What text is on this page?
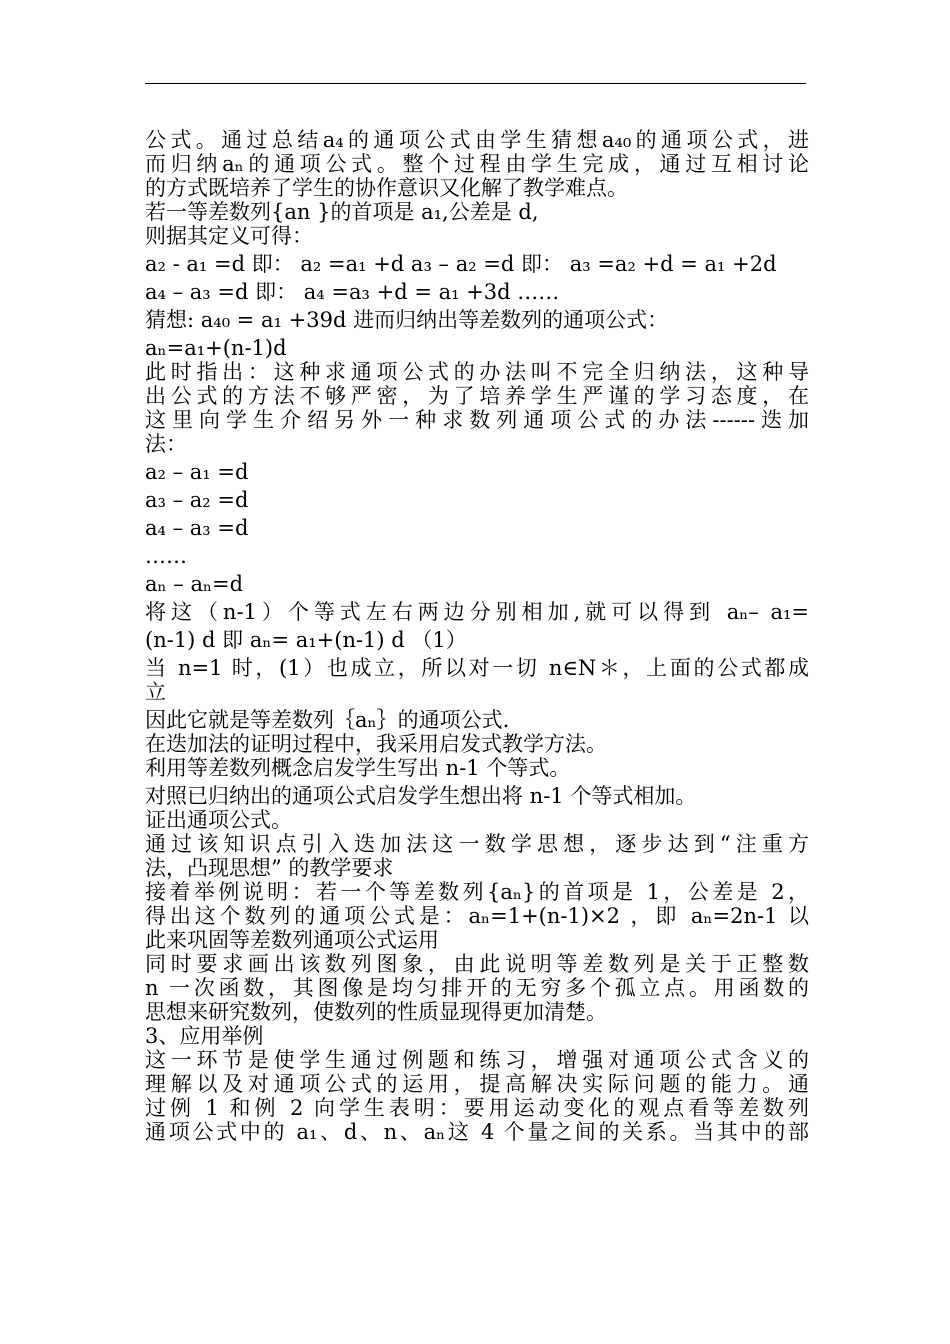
公式。通过总结a₄的通项公式由学生猜想a₄₀的通项公式，进

而归纳aₙ的通项公式。整个过程由学生完成，通过互相讨论

的方式既培养了学生的协作意识又化解了教学难点。

若一等差数列{an }的首项是 a₁,公差是 d,

则据其定义可得：

a₂ - a₁ =d 即： a₂ =a₁ +d a₃ – a₂ =d 即： a₃ =a₂ +d = a₁ +2d

a₄ – a₃ =d 即： a₄ =a₃ +d = a₁ +3d ……

猜想: a₄₀ = a₁ +39d 进而归纳出等差数列的通项公式：

aₙ=a₁+(n-1)d

此时指出：这种求通项公式的办法叫不完全归纳法，这种导

出公式的方法不够严密，为了培养学生严谨的学习态度，在

这里向学生介绍另外一种求数列通项公式的办法------迭加

法：

a₂ – a₁ =d

a₃ – a₂ =d

a₄ – a₃ =d

……

aₙ – aₙ=d

将这（n-1）个等式左右两边分别相加,就可以得到 aₙ– a₁=

(n-1) d 即 aₙ= a₁+(n-1) d （1）

当 n=1 时，(1）也成立，所以对一切 n∈N＊，上面的公式都成

立

因此它就是等差数列｛aₙ｝的通项公式.

在迭加法的证明过程中，我采用启发式教学方法。

利用等差数列概念启发学生写出 n-1 个等式。

对照已归纳出的通项公式启发学生想出将 n-1 个等式相加。

证出通项公式。

通过该知识点引入迭加法这一数学思想，逐步达到“注重方

法，凸现思想” 的教学要求

接着举例说明：若一个等差数列{aₙ}的首项是 1，公差是 2，

得出这个数列的通项公式是：aₙ=1+(n-1)×2 ，即 aₙ=2n-1 以

此来巩固等差数列通项公式运用

同时要求画出该数列图象，由此说明等差数列是关于正整数

n 一次函数，其图像是均匀排开的无穷多个孤立点。用函数的

思想来研究数列，使数列的性质显现得更加清楚。

3、应用举例

这一环节是使学生通过例题和练习，增强对通项公式含义的

理解以及对通项公式的运用，提高解决实际问题的能力。通

过例 1 和例 2 向学生表明：要用运动变化的观点看等差数列

通项公式中的 a₁、d、n、aₙ这 4 个量之间的关系。当其中的部
